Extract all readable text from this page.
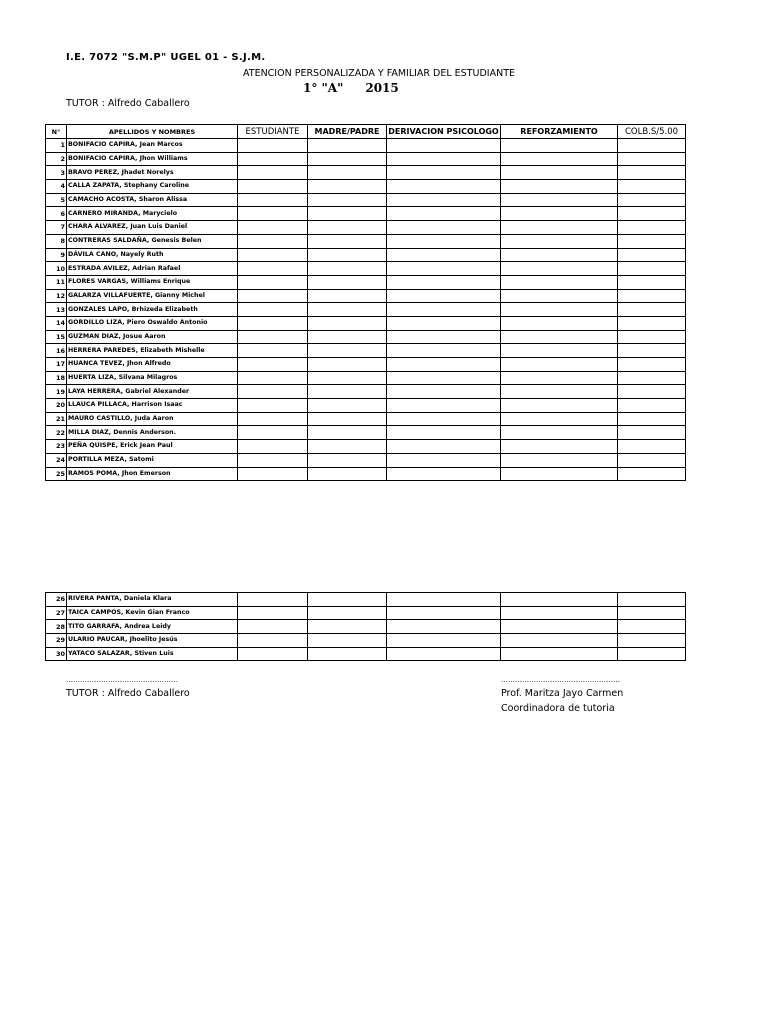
I.E. 7072 "S.M.P" UGEL 01 - S.J.M.
ATENCION PERSONALIZADA Y FAMILIAR DEL ESTUDIANTE
1° "A" 2015
TUTOR : Alfredo Caballero
N°	APELLIDOS Y NOMBRES	ESTUDIANTE	MADRE/PADRE	DERIVACION PSICOLOGO	REFORZAMIENTO	COLB.S/5.00
1	BONIFACIO CAPIRA, Jean Marcos					
2	BONIFACIO CAPIRA, Jhon Williams					
3	BRAVO PEREZ, Jhadet Norelys					
4	CALLA ZAPATA, Stephany Caroline					
5	CAMACHO ACOSTA, Sharon Alissa					
6	CARNERO MIRANDA, Marycielo					
7	CHARA ALVAREZ, Juan Luis Daniel					
8	CONTRERAS SALDAÑA, Genesis Belen					
9	DÁVILA CANO, Nayely Ruth					
10	ESTRADA AVILEZ, Adrian Rafael					
11	FLORES VARGAS, Williams Enrique					
12	GALARZA VILLAFUERTE, Gianny Michel					
13	GONZALES LAPO, Brhizeda Elizabeth					
14	GORDILLO LIZA, Piero Oswaldo Antonio					
15	GUZMAN DIAZ, Josue Aaron					
16	HERRERA PAREDES, Elizabeth Mishelle					
17	HUANCA TEVEZ, Jhon Alfredo					
18	HUERTA LIZA, Silvana Milagros					
19	LAYA HERRERA, Gabriel Alexander					
20	LLAUCA PILLACA, Harrison Isaac					
21	MAURO CASTILLO, Juda Aaron					
22	MILLA DIAZ, Dennis Anderson.					
23	PEÑA QUISPE, Erick Jean Paul					
24	PORTILLA MEZA, Satomi					
25	RAMOS POMA, Jhon Emerson					
26	RIVERA PANTA, Daniela Klara					
27	TAICA CAMPOS, Kevin Gian Franco					
28	TITO GARRAFA, Andrea Leidy					
29	ULARIO PAUCAR, Jhoelito Jesús					
30	YATACO SALAZAR, Stiven Luis					
…………………………………………
TUTOR : Alfredo Caballero
……………………………………………
Prof. Maritza Jayo Carmen
Coordinadora de tutoria
